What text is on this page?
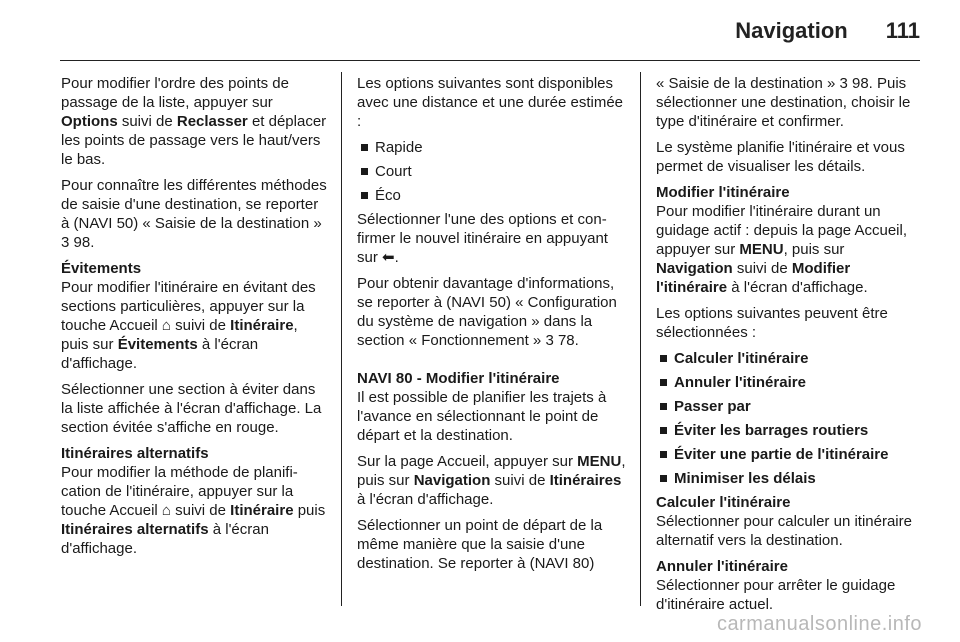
Navigation 111

Pour modifier l'ordre des points de passage de la liste, appuyer sur Options suivi de Reclasser et déplacer les points de passage vers le haut/vers le bas.

Pour connaître les différentes méthodes de saisie d'une destination, se reporter à (NAVI 50) « Saisie de la destination » 3 98.

Évitements
Pour modifier l'itinéraire en évitant des sections particulières, appuyer sur la touche Accueil ⌂ suivi de Itinéraire, puis sur Évitements à l'écran d'affichage.

Sélectionner une section à éviter dans la liste affichée à l'écran d'affichage. La section évitée s'affiche en rouge.

Itinéraires alternatifs
Pour modifier la méthode de planification de l'itinéraire, appuyer sur la touche Accueil ⌂ suivi de Itinéraire puis Itinéraires alternatifs à l'écran d'affichage.

Les options suivantes sont disponibles avec une distance et une durée estimée :

Rapide
Court
Éco

Sélectionner l'une des options et confirmer le nouvel itinéraire en appuyant sur ⬅.

Pour obtenir davantage d'informations, se reporter à (NAVI 50) « Configuration du système de navigation » dans la section « Fonctionnement » 3 78.

NAVI 80 - Modifier l'itinéraire
Il est possible de planifier les trajets à l'avance en sélectionnant le point de départ et la destination.

Sur la page Accueil, appuyer sur MENU, puis sur Navigation suivi de Itinéraires à l'écran d'affichage.

Sélectionner un point de départ de la même manière que la saisie d'une destination. Se reporter à (NAVI 80)

« Saisie de la destination » 3 98. Puis sélectionner une destination, choisir le type d'itinéraire et confirmer.

Le système planifie l'itinéraire et vous permet de visualiser les détails.

Modifier l'itinéraire
Pour modifier l'itinéraire durant un guidage actif : depuis la page Accueil, appuyer sur MENU, puis sur Navigation suivi de Modifier l'itinéraire à l'écran d'affichage.

Les options suivantes peuvent être sélectionnées :

Calculer l'itinéraire
Annuler l'itinéraire
Passer par
Éviter les barrages routiers
Éviter une partie de l'itinéraire
Minimiser les délais
Calculer l'itinéraire
Sélectionner pour calculer un itinéraire alternatif vers la destination.
Annuler l'itinéraire
Sélectionner pour arrêter le guidage d'itinéraire actuel.
carmanualsonline.info
